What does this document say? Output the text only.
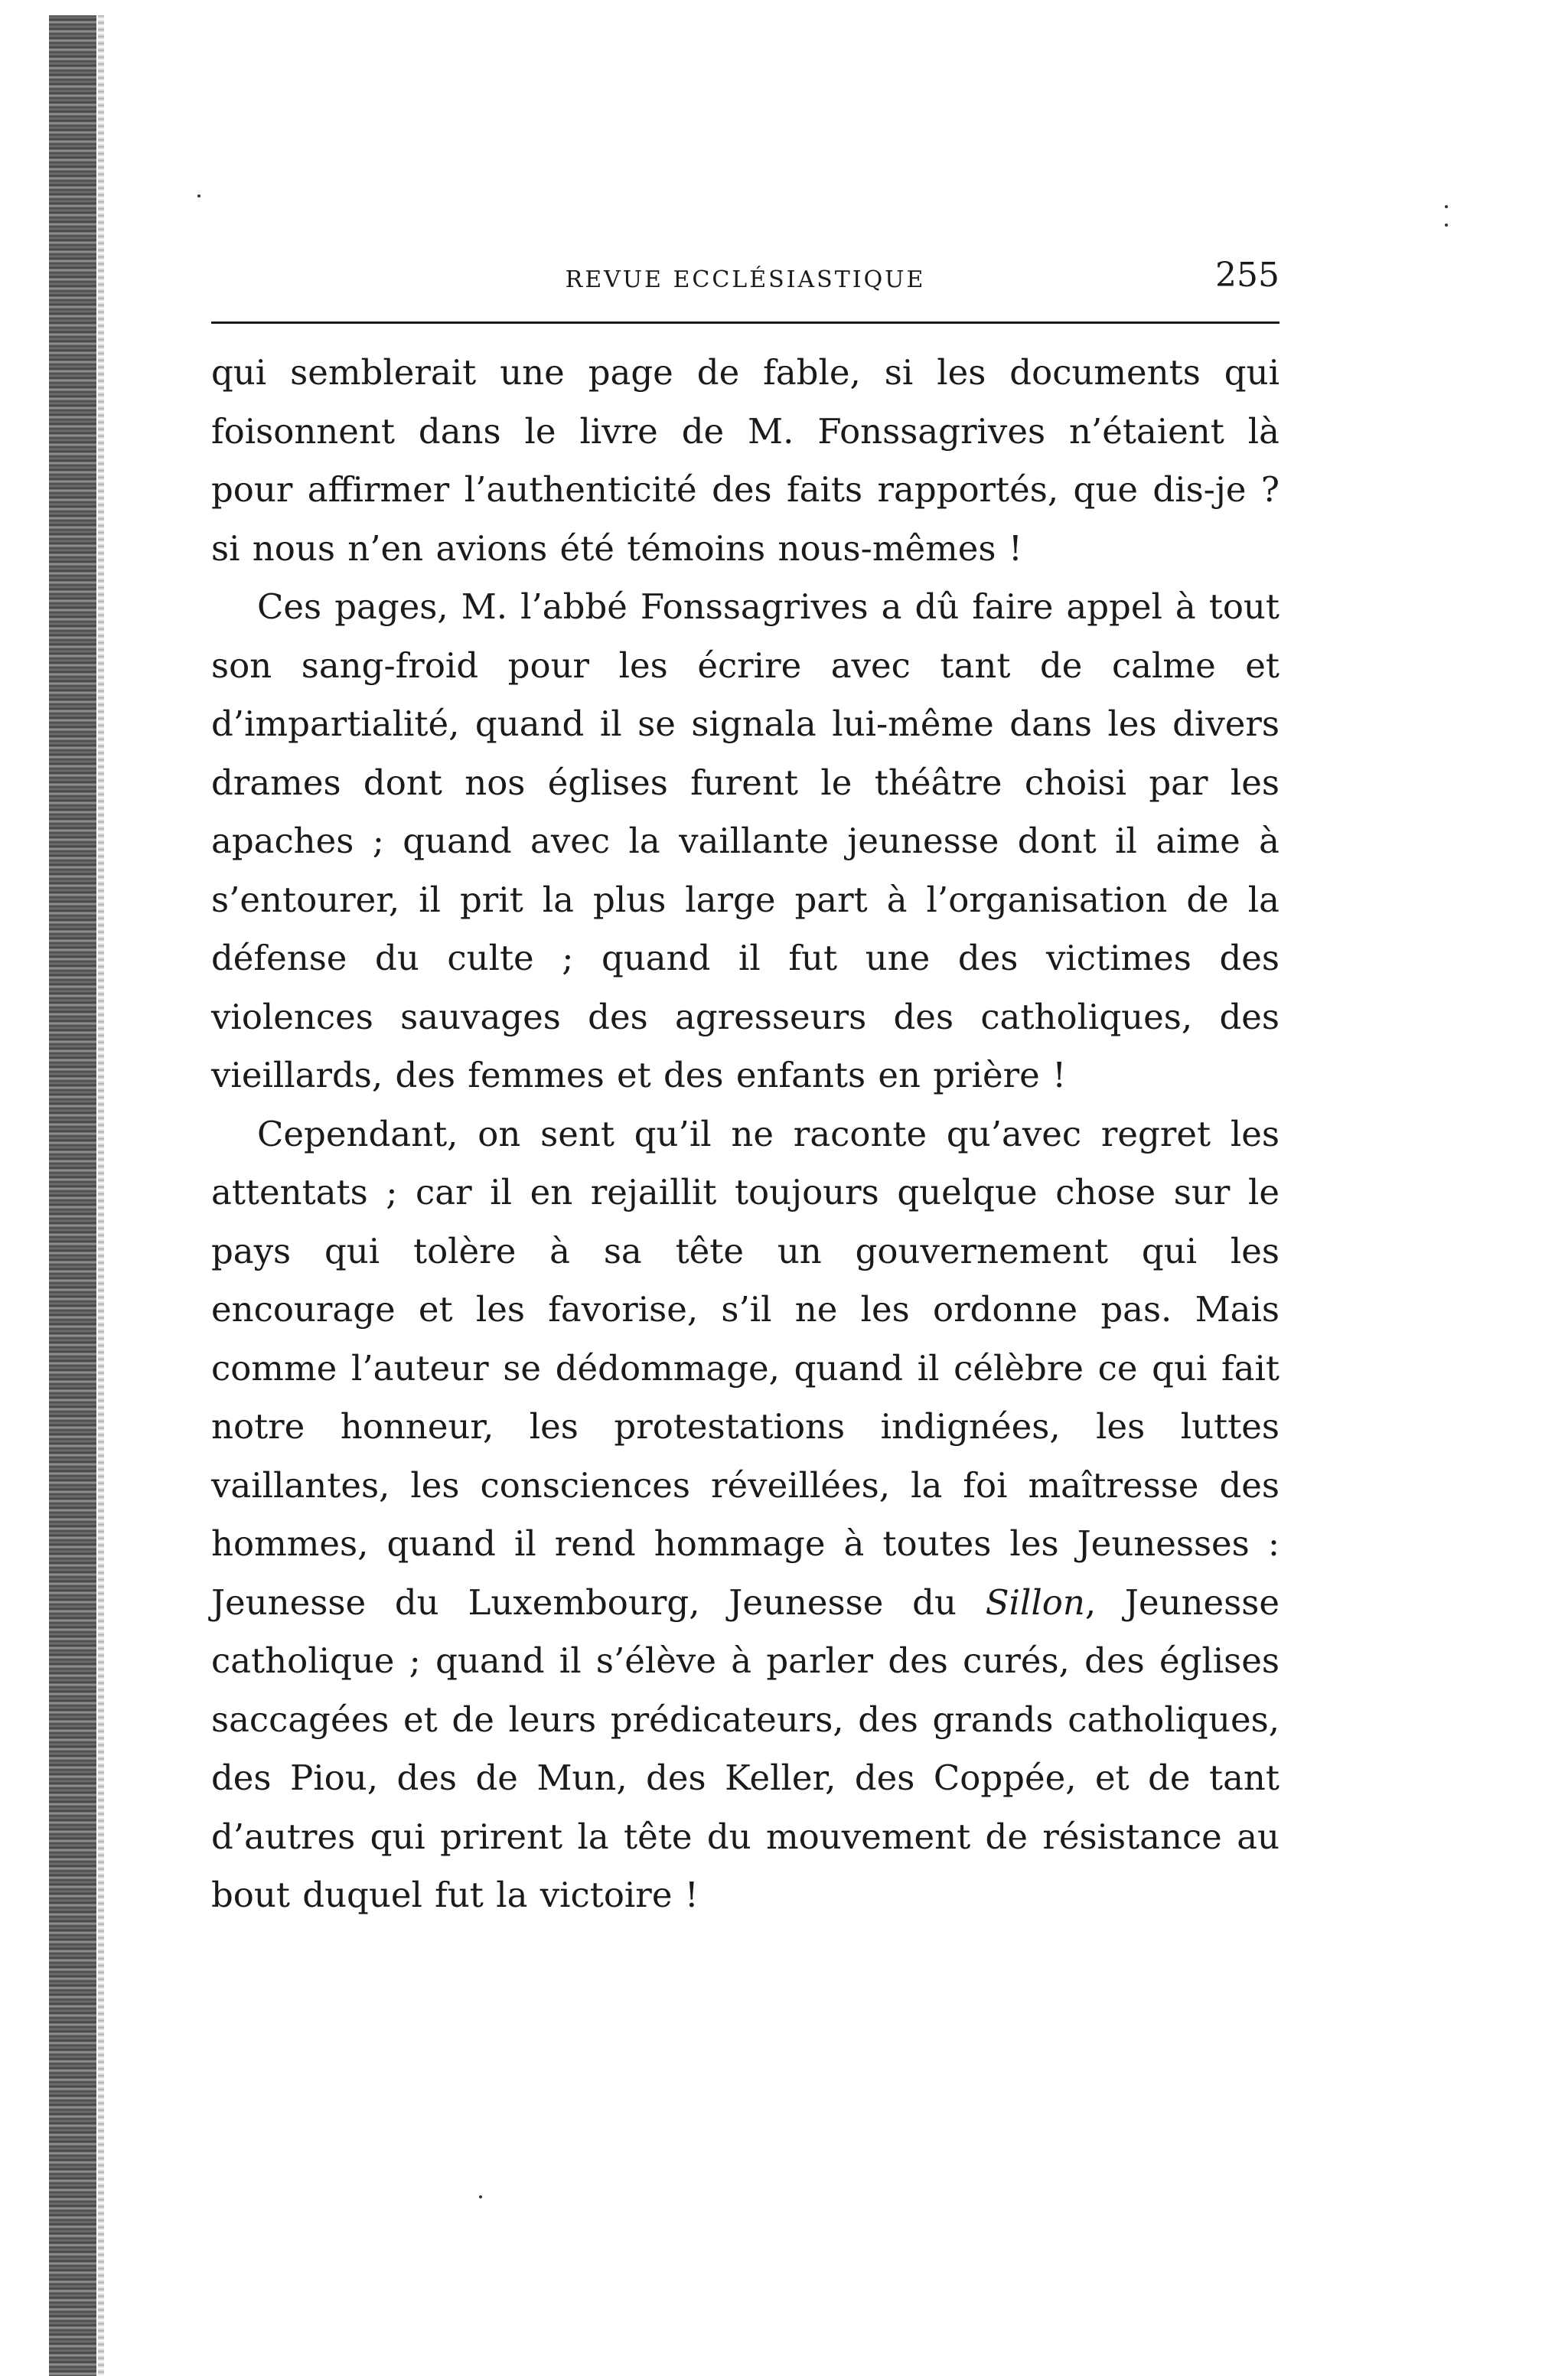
REVUE ECCLÉSIASTIQUE	255

qui semblerait une page de fable, si les documents qui foisonnent dans le livre de M. Fonssagrives n’étaient là pour affirmer l’authenticité des faits rapportés, que dis-je ? si nous n’en avions été témoins nous-mêmes !

Ces pages, M. l’abbé Fonssagrives a dû faire appel à tout son sang-froid pour les écrire avec tant de calme et d’impartialité, quand il se signala lui-même dans les divers drames dont nos églises furent le théâtre choisi par les apaches ; quand avec la vaillante jeunesse dont il aime à s’entourer, il prit la plus large part à l’organisation de la défense du culte ; quand il fut une des victimes des violences sauvages des agresseurs des catholiques, des vieillards, des femmes et des enfants en prière !

Cependant, on sent qu’il ne raconte qu’avec regret les attentats ; car il en rejaillit toujours quelque chose sur le pays qui tolère à sa tête un gouvernement qui les encourage et les favorise, s’il ne les ordonne pas. Mais comme l’auteur se dédommage, quand il célèbre ce qui fait notre honneur, les protestations indignées, les luttes vaillantes, les consciences réveillées, la foi maîtresse des hommes, quand il rend hommage à toutes les Jeunesses : Jeunesse du Luxembourg, Jeunesse du Sillon, Jeunesse catholique ; quand il s’élève à parler des curés, des églises saccagées et de leurs prédicateurs, des grands catholiques, des Piou, des de Mun, des Keller, des Coppée, et de tant d’autres qui prirent la tête du mouvement de résistance au bout duquel fut la victoire !
